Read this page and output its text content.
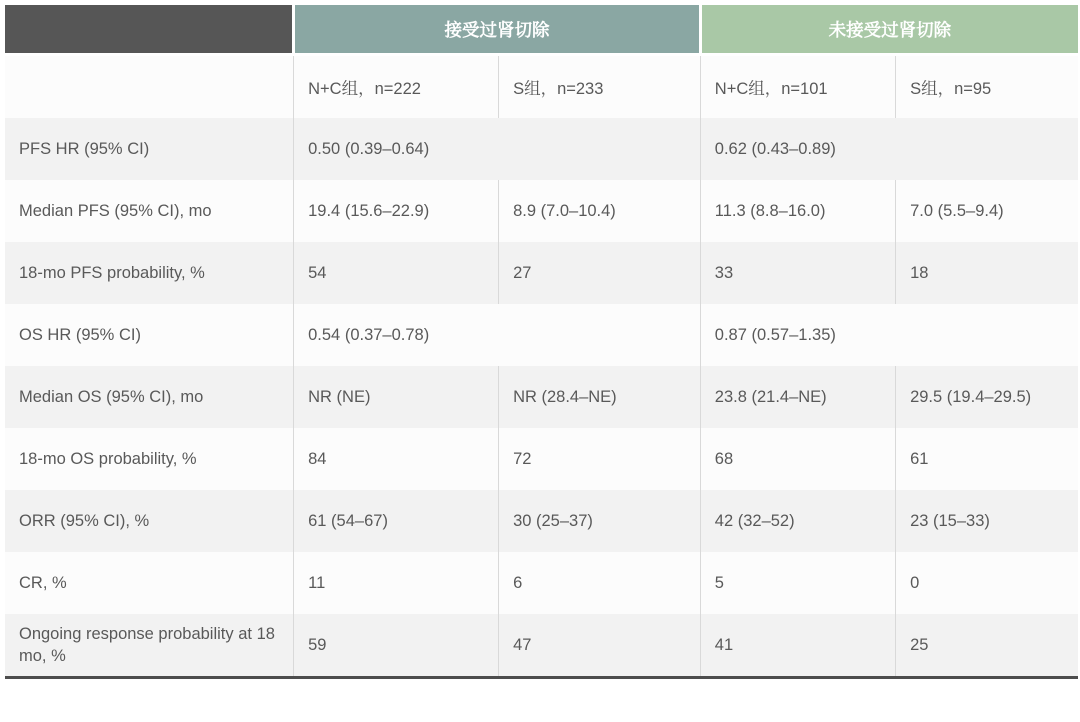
	接受过肾切除		未接受过肾切除	
	N+C组，n=222	S组，n=233	N+C组，n=101	S组，n=95
PFS HR (95% CI)	0.50 (0.39–0.64)		0.62 (0.43–0.89)	
Median PFS (95% CI), mo	19.4 (15.6–22.9)	8.9 (7.0–10.4)	11.3 (8.8–16.0)	7.0 (5.5–9.4)
18-mo PFS probability, %	54	27	33	18
OS HR (95% CI)	0.54 (0.37–0.78)		0.87 (0.57–1.35)	
Median OS (95% CI), mo	NR (NE)	NR (28.4–NE)	23.8 (21.4–NE)	29.5 (19.4–29.5)
18-mo OS probability, %	84	72	68	61
ORR (95% CI), %	61 (54–67)	30 (25–37)	42 (32–52)	23 (15–33)
CR, %	11	6	5	0
Ongoing response probability at 18 mo, %	59	47	41	25
